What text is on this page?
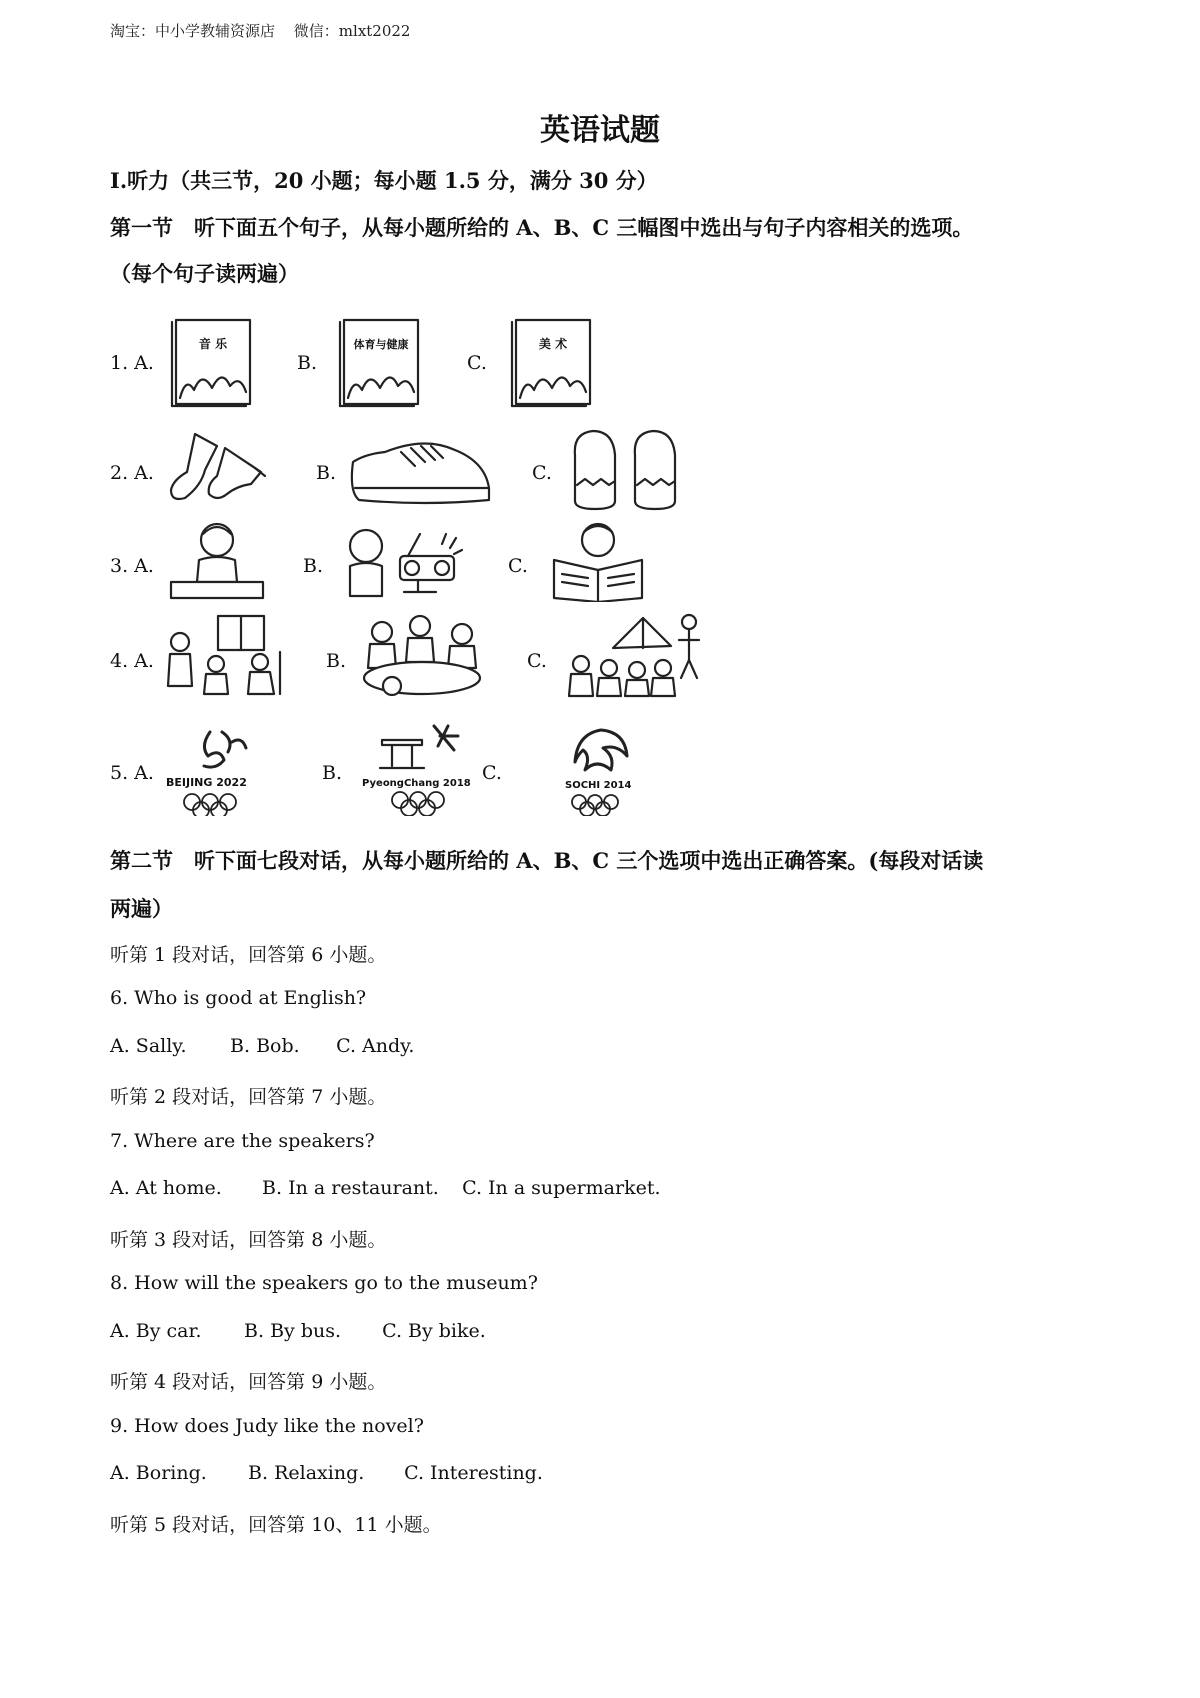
淘宝：中小学教辅资源店 微信：mlxt2022
英语试题
I.听力（共三节，20 小题；每小题 1.5 分，满分 30 分）
第一节　听下面五个句子，从每小题所给的 A、B、C 三幅图中选出与句子内容相关的选项。
（每个句子读两遍）
1. A.
音 乐
B.
体育与健康
C.
美 术
2. A.	B.	C.
3. A.	B.	C.
4. A.	B.	C.
5. A. BEIJING 2022	B. PyeongChang 2018 C.
SOCHI 2014
第二节　听下面七段对话，从每小题所给的 A、B、C 三个选项中选出正确答案。(每段对话读
两遍）
听第 1 段对话，回答第 6 小题。
6. Who is good at English?
A. Sally. B. Bob. C. Andy.
听第 2 段对话，回答第 7 小题。
7. Where are the speakers?
A. At home. B. In a restaurant. C. In a supermarket.
听第 3 段对话，回答第 8 小题。
8. How will the speakers go to the museum?
A. By car. B. By bus. C. By bike.
听第 4 段对话，回答第 9 小题。
9. How does Judy like the novel?
A. Boring. B. Relaxing. C. Interesting.
听第 5 段对话，回答第 10、11 小题。
